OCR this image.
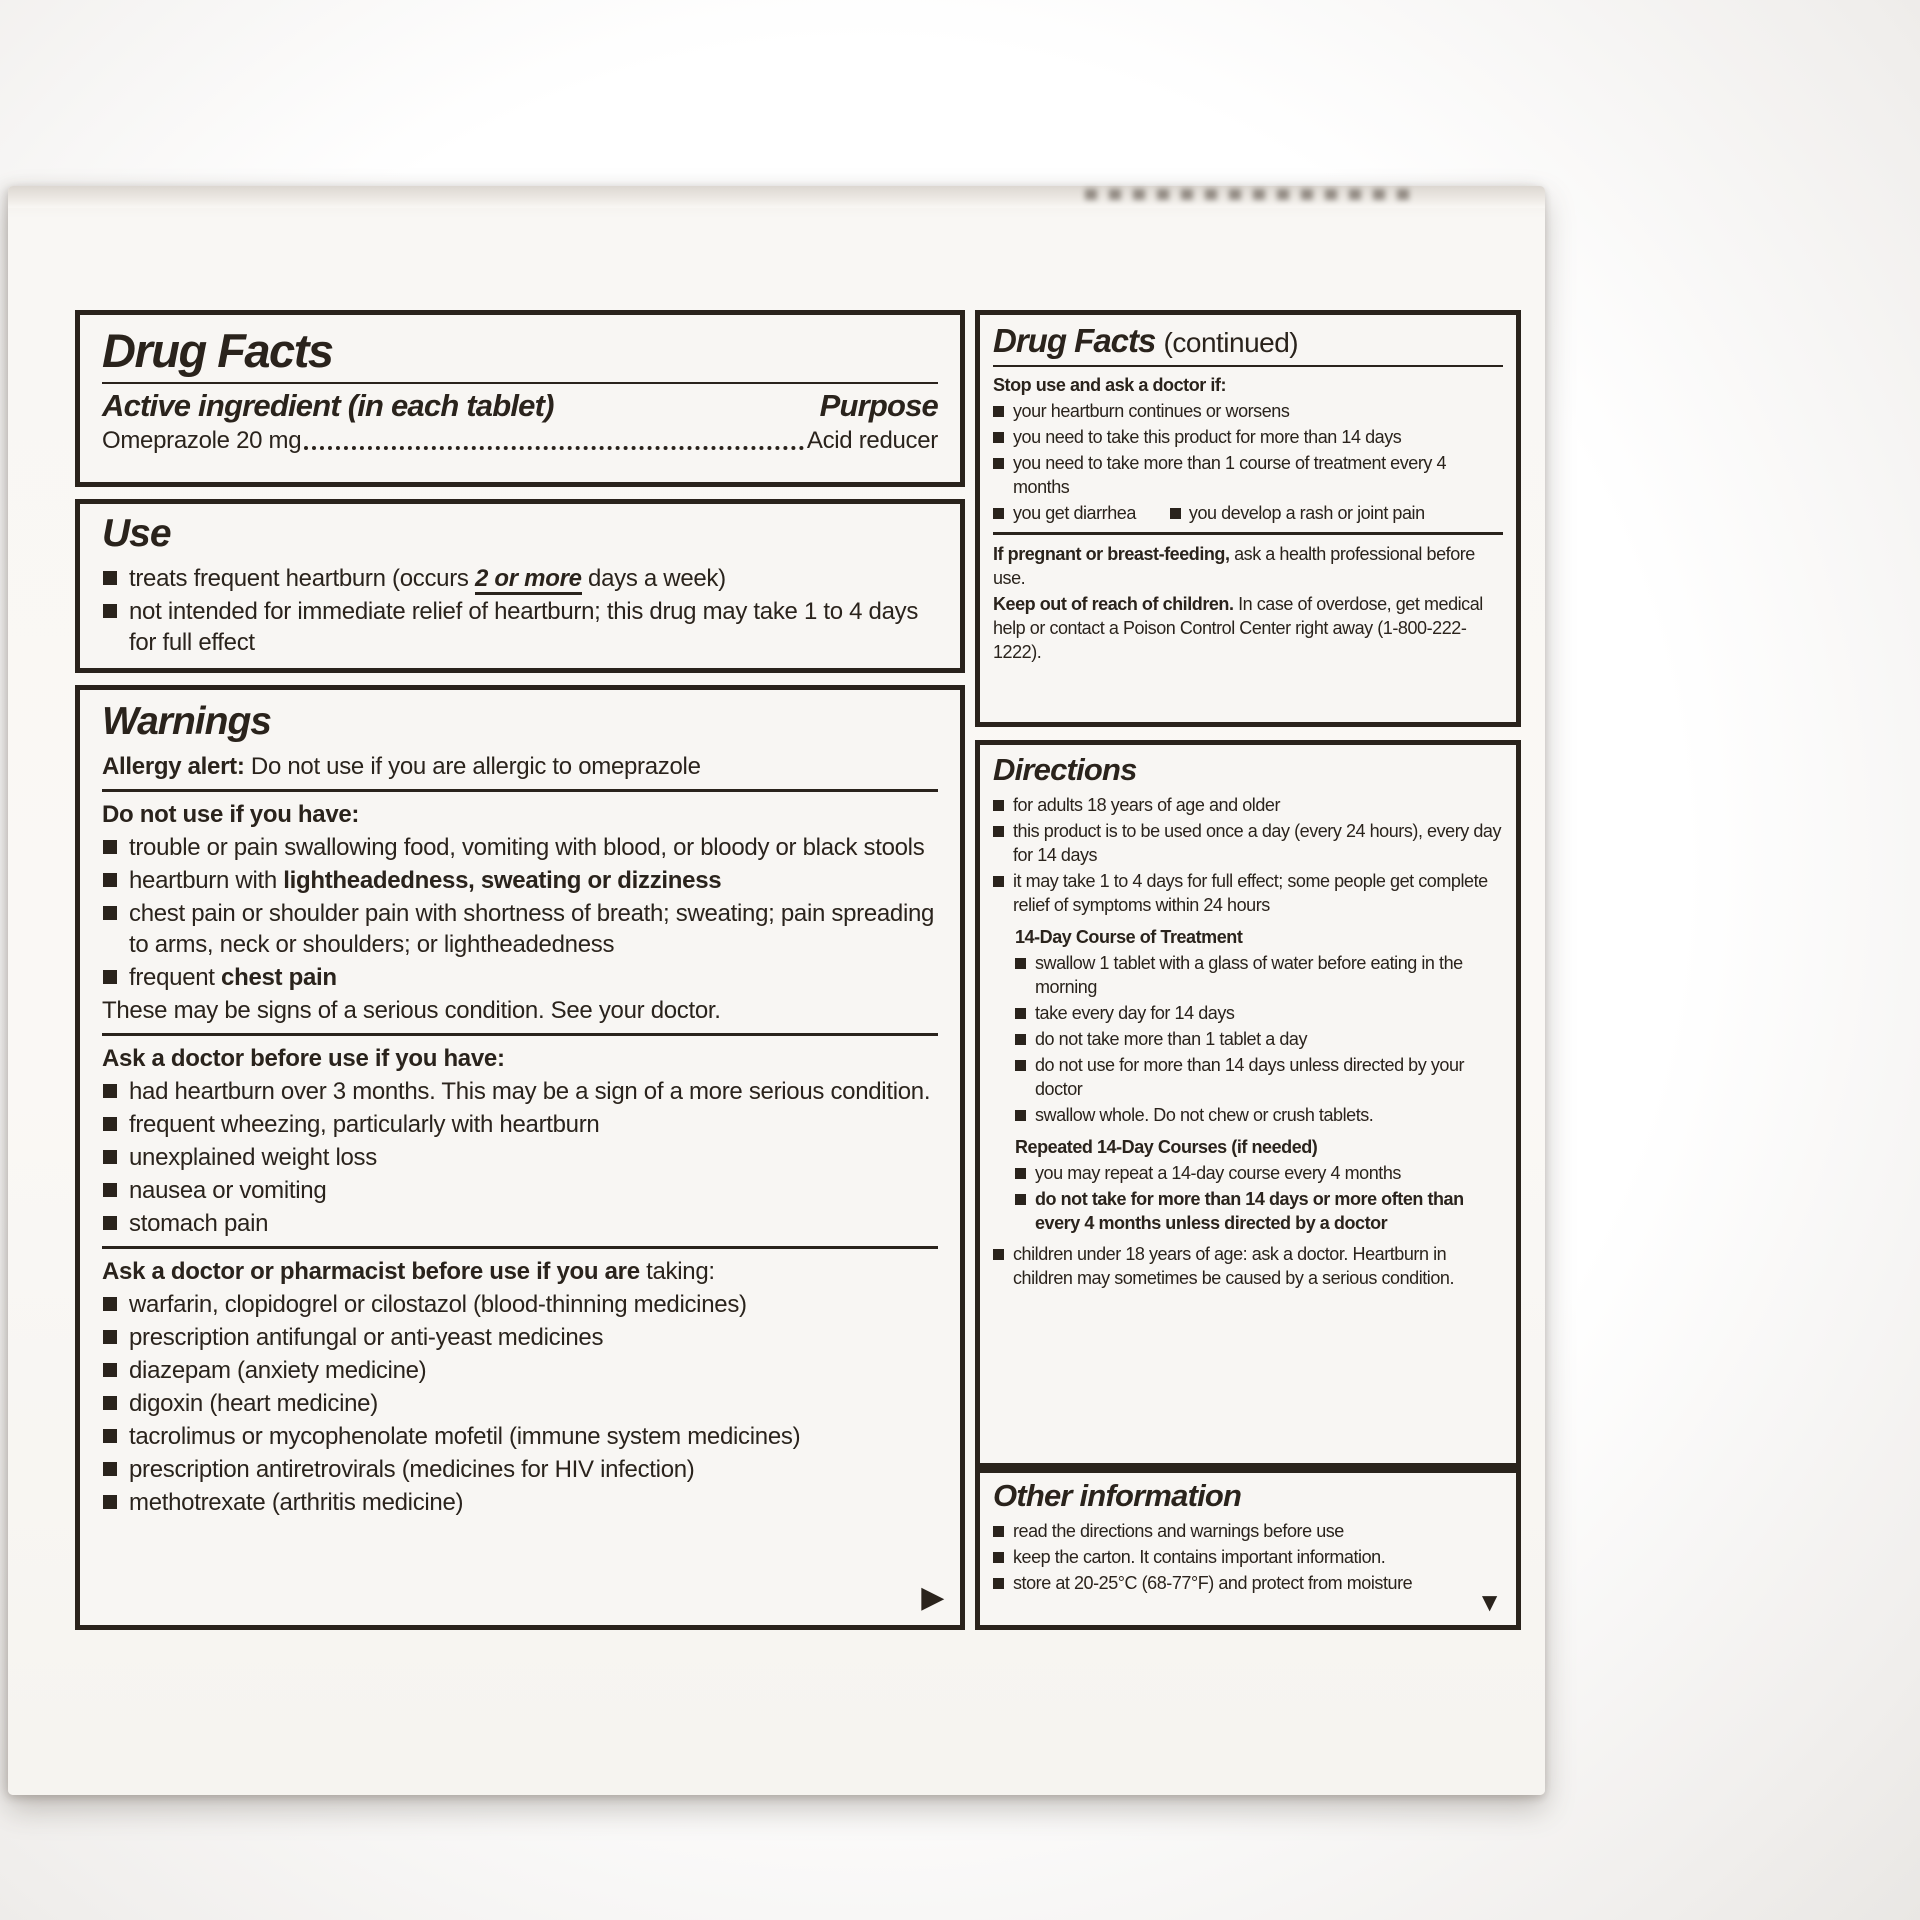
Drug Facts
Active ingredient (in each tablet)	Purpose
Omeprazole 20 mg	Acid reducer
Use
treats frequent heartburn (occurs 2 or more days a week)
not intended for immediate relief of heartburn; this drug may take 1 to 4 days for full effect
Warnings

Allergy alert: Do not use if you are allergic to omeprazole

Do not use if you have:

trouble or pain swallowing food, vomiting with blood, or bloody or black stools
heartburn with lightheadedness, sweating or dizziness
chest pain or shoulder pain with shortness of breath; sweating; pain spreading to arms, neck or shoulders; or lightheadedness
frequent chest pain

These may be signs of a serious condition. See your doctor.

Ask a doctor before use if you have:

had heartburn over 3 months. This may be a sign of a more serious condition.
frequent wheezing, particularly with heartburn
unexplained weight loss
nausea or vomiting
stomach pain

Ask a doctor or pharmacist before use if you are taking:

warfarin, clopidogrel or cilostazol (blood-thinning medicines)
prescription antifungal or anti-yeast medicines
diazepam (anxiety medicine)
digoxin (heart medicine)
tacrolimus or mycophenolate mofetil (immune system medicines)
prescription antiretrovirals (medicines for HIV infection)
methotrexate (arthritis medicine)
▶
Drug Facts (continued)

Stop use and ask a doctor if:

your heartburn continues or worsens
you need to take this product for more than 14 days
you need to take more than 1 course of treatment every 4 months
you get diarrhea	you develop a rash or joint pain

If pregnant or breast-feeding, ask a health professional before use.

Keep out of reach of children. In case of overdose, get medical help or contact a Poison Control Center right away (1-800-222-1222).

Directions
for adults 18 years of age and older
this product is to be used once a day (every 24 hours), every day for 14 days
it may take 1 to 4 days for full effect; some people get complete relief of symptoms within 24 hours

14-Day Course of Treatment

swallow 1 tablet with a glass of water before eating in the morning
take every day for 14 days
do not take more than 1 tablet a day
do not use for more than 14 days unless directed by your doctor
swallow whole. Do not chew or crush tablets.

Repeated 14-Day Courses (if needed)

you may repeat a 14-day course every 4 months
do not take for more than 14 days or more often than every 4 months unless directed by a doctor
children under 18 years of age: ask a doctor. Heartburn in children may sometimes be caused by a serious condition.
Other information
read the directions and warnings before use
keep the carton. It contains important information.
store at 20-25°C (68-77°F) and protect from moisture
▼
